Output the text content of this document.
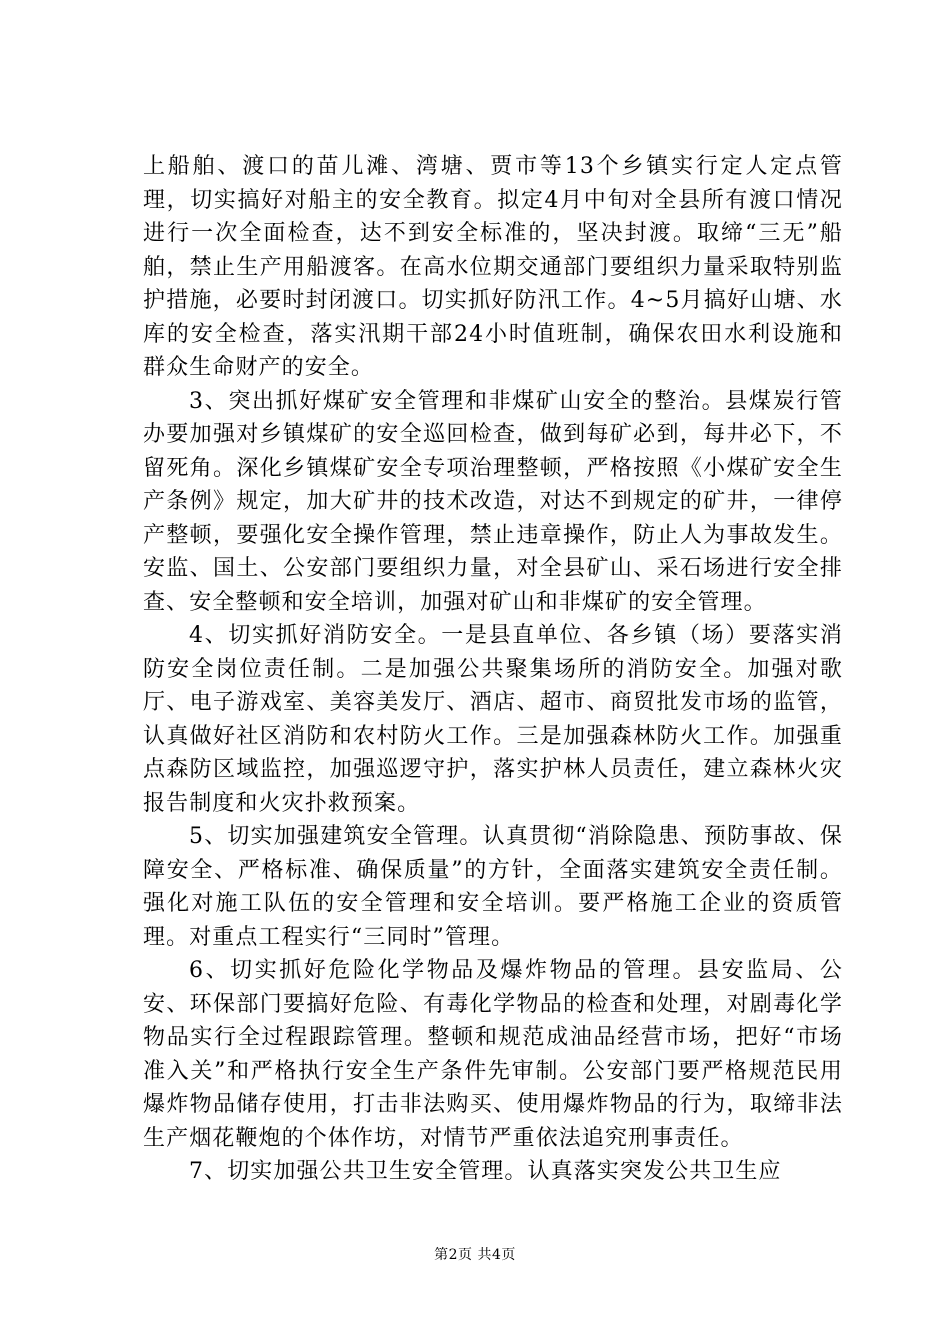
上船舶、渡口的苗儿滩、湾塘、贾市等13个乡镇实行定人定点管理，切实搞好对船主的安全教育。拟定4月中旬对全县所有渡口情况进行一次全面检查，达不到安全标准的，坚决封渡。取缔“三无”船舶，禁止生产用船渡客。在高水位期交通部门要组织力量采取特别监护措施，必要时封闭渡口。切实抓好防汛工作。4~5月搞好山塘、水库的安全检查，落实汛期干部24小时值班制，确保农田水利设施和群众生命财产的安全。

3、突出抓好煤矿安全管理和非煤矿山安全的整治。县煤炭行管办要加强对乡镇煤矿的安全巡回检查，做到每矿必到，每井必下，不留死角。深化乡镇煤矿安全专项治理整顿，严格按照《小煤矿安全生产条例》规定，加大矿井的技术改造，对达不到规定的矿井，一律停产整顿，要强化安全操作管理，禁止违章操作，防止人为事故发生。安监、国土、公安部门要组织力量，对全县矿山、采石场进行安全排查、安全整顿和安全培训，加强对矿山和非煤矿的安全管理。

4、切实抓好消防安全。一是县直单位、各乡镇（场）要落实消防安全岗位责任制。二是加强公共聚集场所的消防安全。加强对歌厅、电子游戏室、美容美发厅、酒店、超市、商贸批发市场的监管，认真做好社区消防和农村防火工作。三是加强森林防火工作。加强重点森防区域监控，加强巡逻守护，落实护林人员责任，建立森林火灾报告制度和火灾扑救预案。

5、切实加强建筑安全管理。认真贯彻“消除隐患、预防事故、保障安全、严格标准、确保质量”的方针，全面落实建筑安全责任制。强化对施工队伍的安全管理和安全培训。要严格施工企业的资质管理。对重点工程实行“三同时”管理。

6、切实抓好危险化学物品及爆炸物品的管理。县安监局、公安、环保部门要搞好危险、有毒化学物品的检查和处理，对剧毒化学物品实行全过程跟踪管理。整顿和规范成油品经营市场，把好“市场准入关”和严格执行安全生产条件先审制。公安部门要严格规范民用爆炸物品储存使用，打击非法购买、使用爆炸物品的行为，取缔非法生产烟花鞭炮的个体作坊，对情节严重依法追究刑事责任。

7、切实加强公共卫生安全管理。认真落实突发公共卫生应

第2页 共4页
